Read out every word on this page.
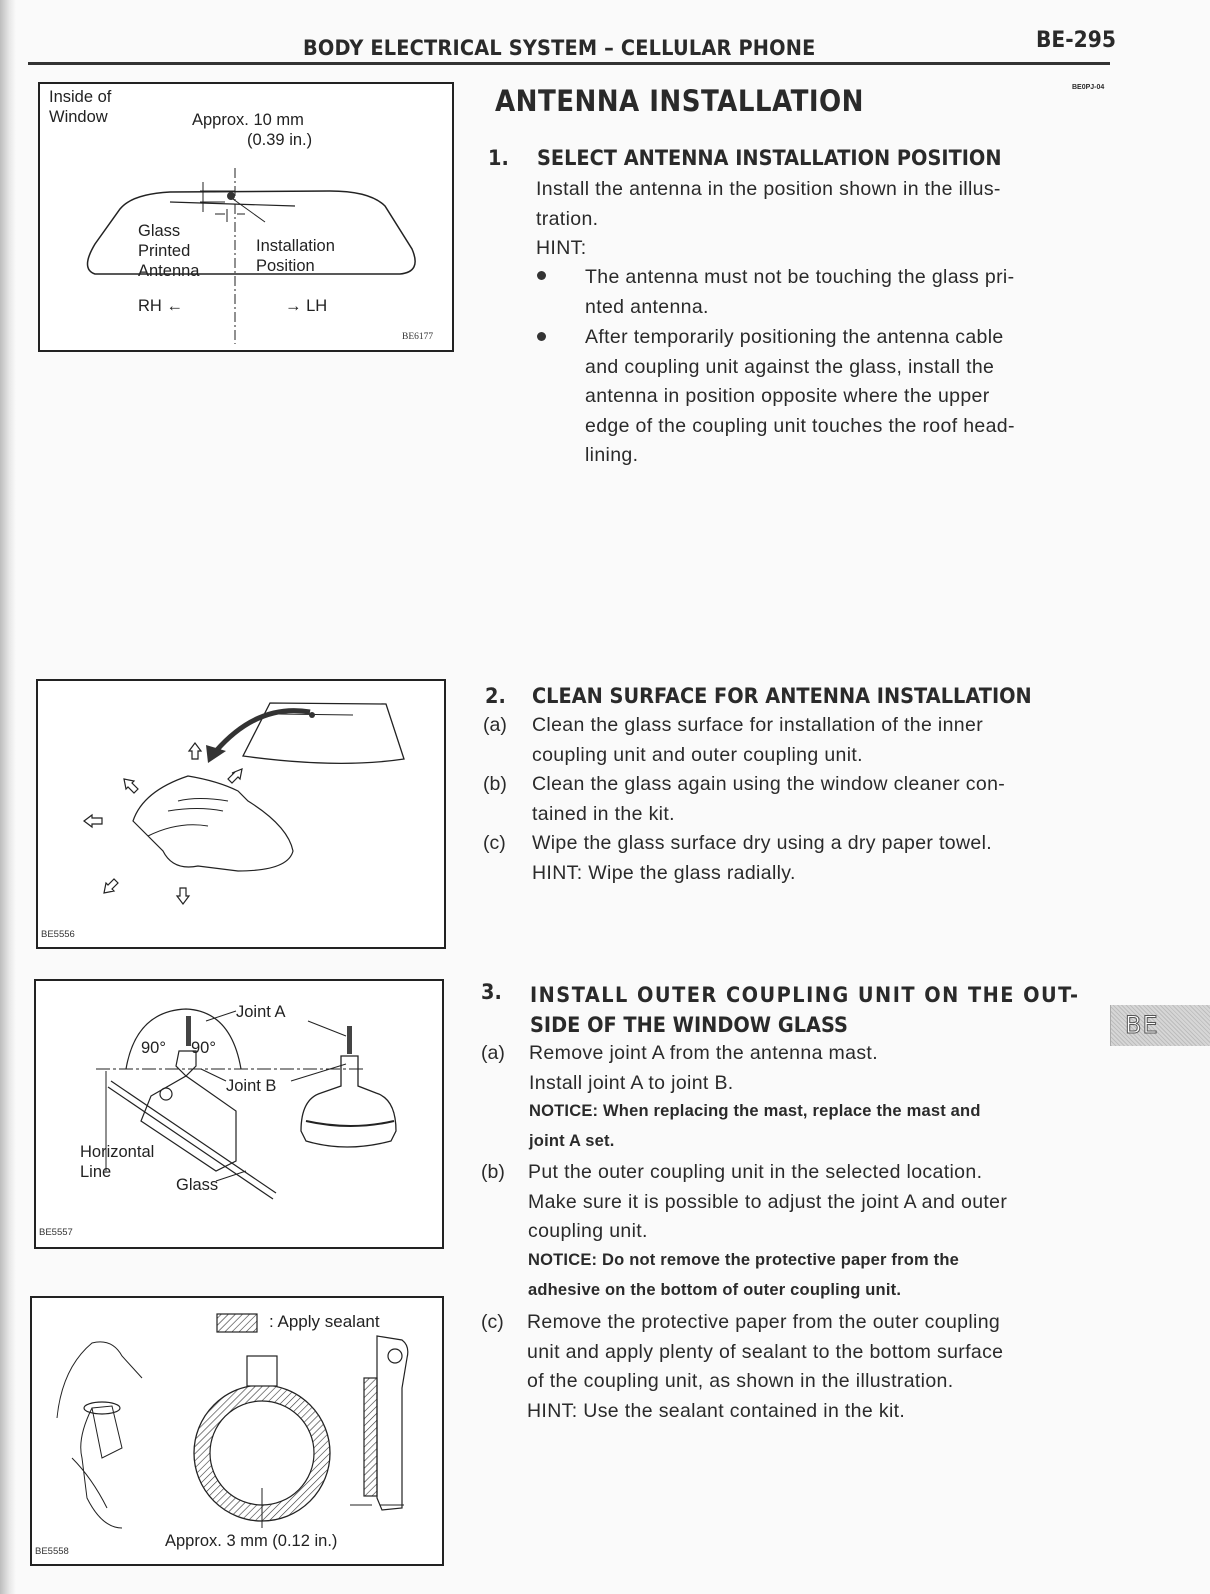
BODY ELECTRICAL SYSTEM – CELLULAR PHONE	BE-295
BE0PJ-04
ANTENNA INSTALLATION
Inside of
Window	Approx. 10 mm
(0.39 in.)
Glass
Printed
Antenna
Installation
Position
RH ←	→ LH
BE6177
1. SELECT ANTENNA INSTALLATION POSITION
Install the antenna in the position shown in the illus-
tration.
HINT:
The antenna must not be touching the glass pri-
nted antenna.
After temporarily positioning the antenna cable
and coupling unit against the glass, install the
antenna in position opposite where the upper
edge of the coupling unit touches the roof head-
lining.
BE5556
2. CLEAN SURFACE FOR ANTENNA INSTALLATION
(a) Clean the glass surface for installation of the inner
coupling unit and outer coupling unit.
(b) Clean the glass again using the window cleaner con-
tained in the kit.
(c) Wipe the glass surface dry using a dry paper towel.
HINT: Wipe the glass radially.
Joint A
90° 90°
Joint B
Horizontal
Line
Glass
BE5557
3. INSTALL OUTER COUPLING UNIT ON THE OUT-
SIDE OF THE WINDOW GLASS
(a) Remove joint A from the antenna mast.
Install joint A to joint B.
NOTICE: When replacing the mast, replace the mast and
joint A set.
(b) Put the outer coupling unit in the selected location.
Make sure it is possible to adjust the joint A and outer
coupling unit.
NOTICE: Do not remove the protective paper from the
adhesive on the bottom of outer coupling unit.
(c) Remove the protective paper from the outer coupling
unit and apply plenty of sealant to the bottom surface
of the coupling unit, as shown in the illustration.
HINT: Use the sealant contained in the kit.
: Apply sealant
Approx. 3 mm (0.12 in.)
BE5558
BE
